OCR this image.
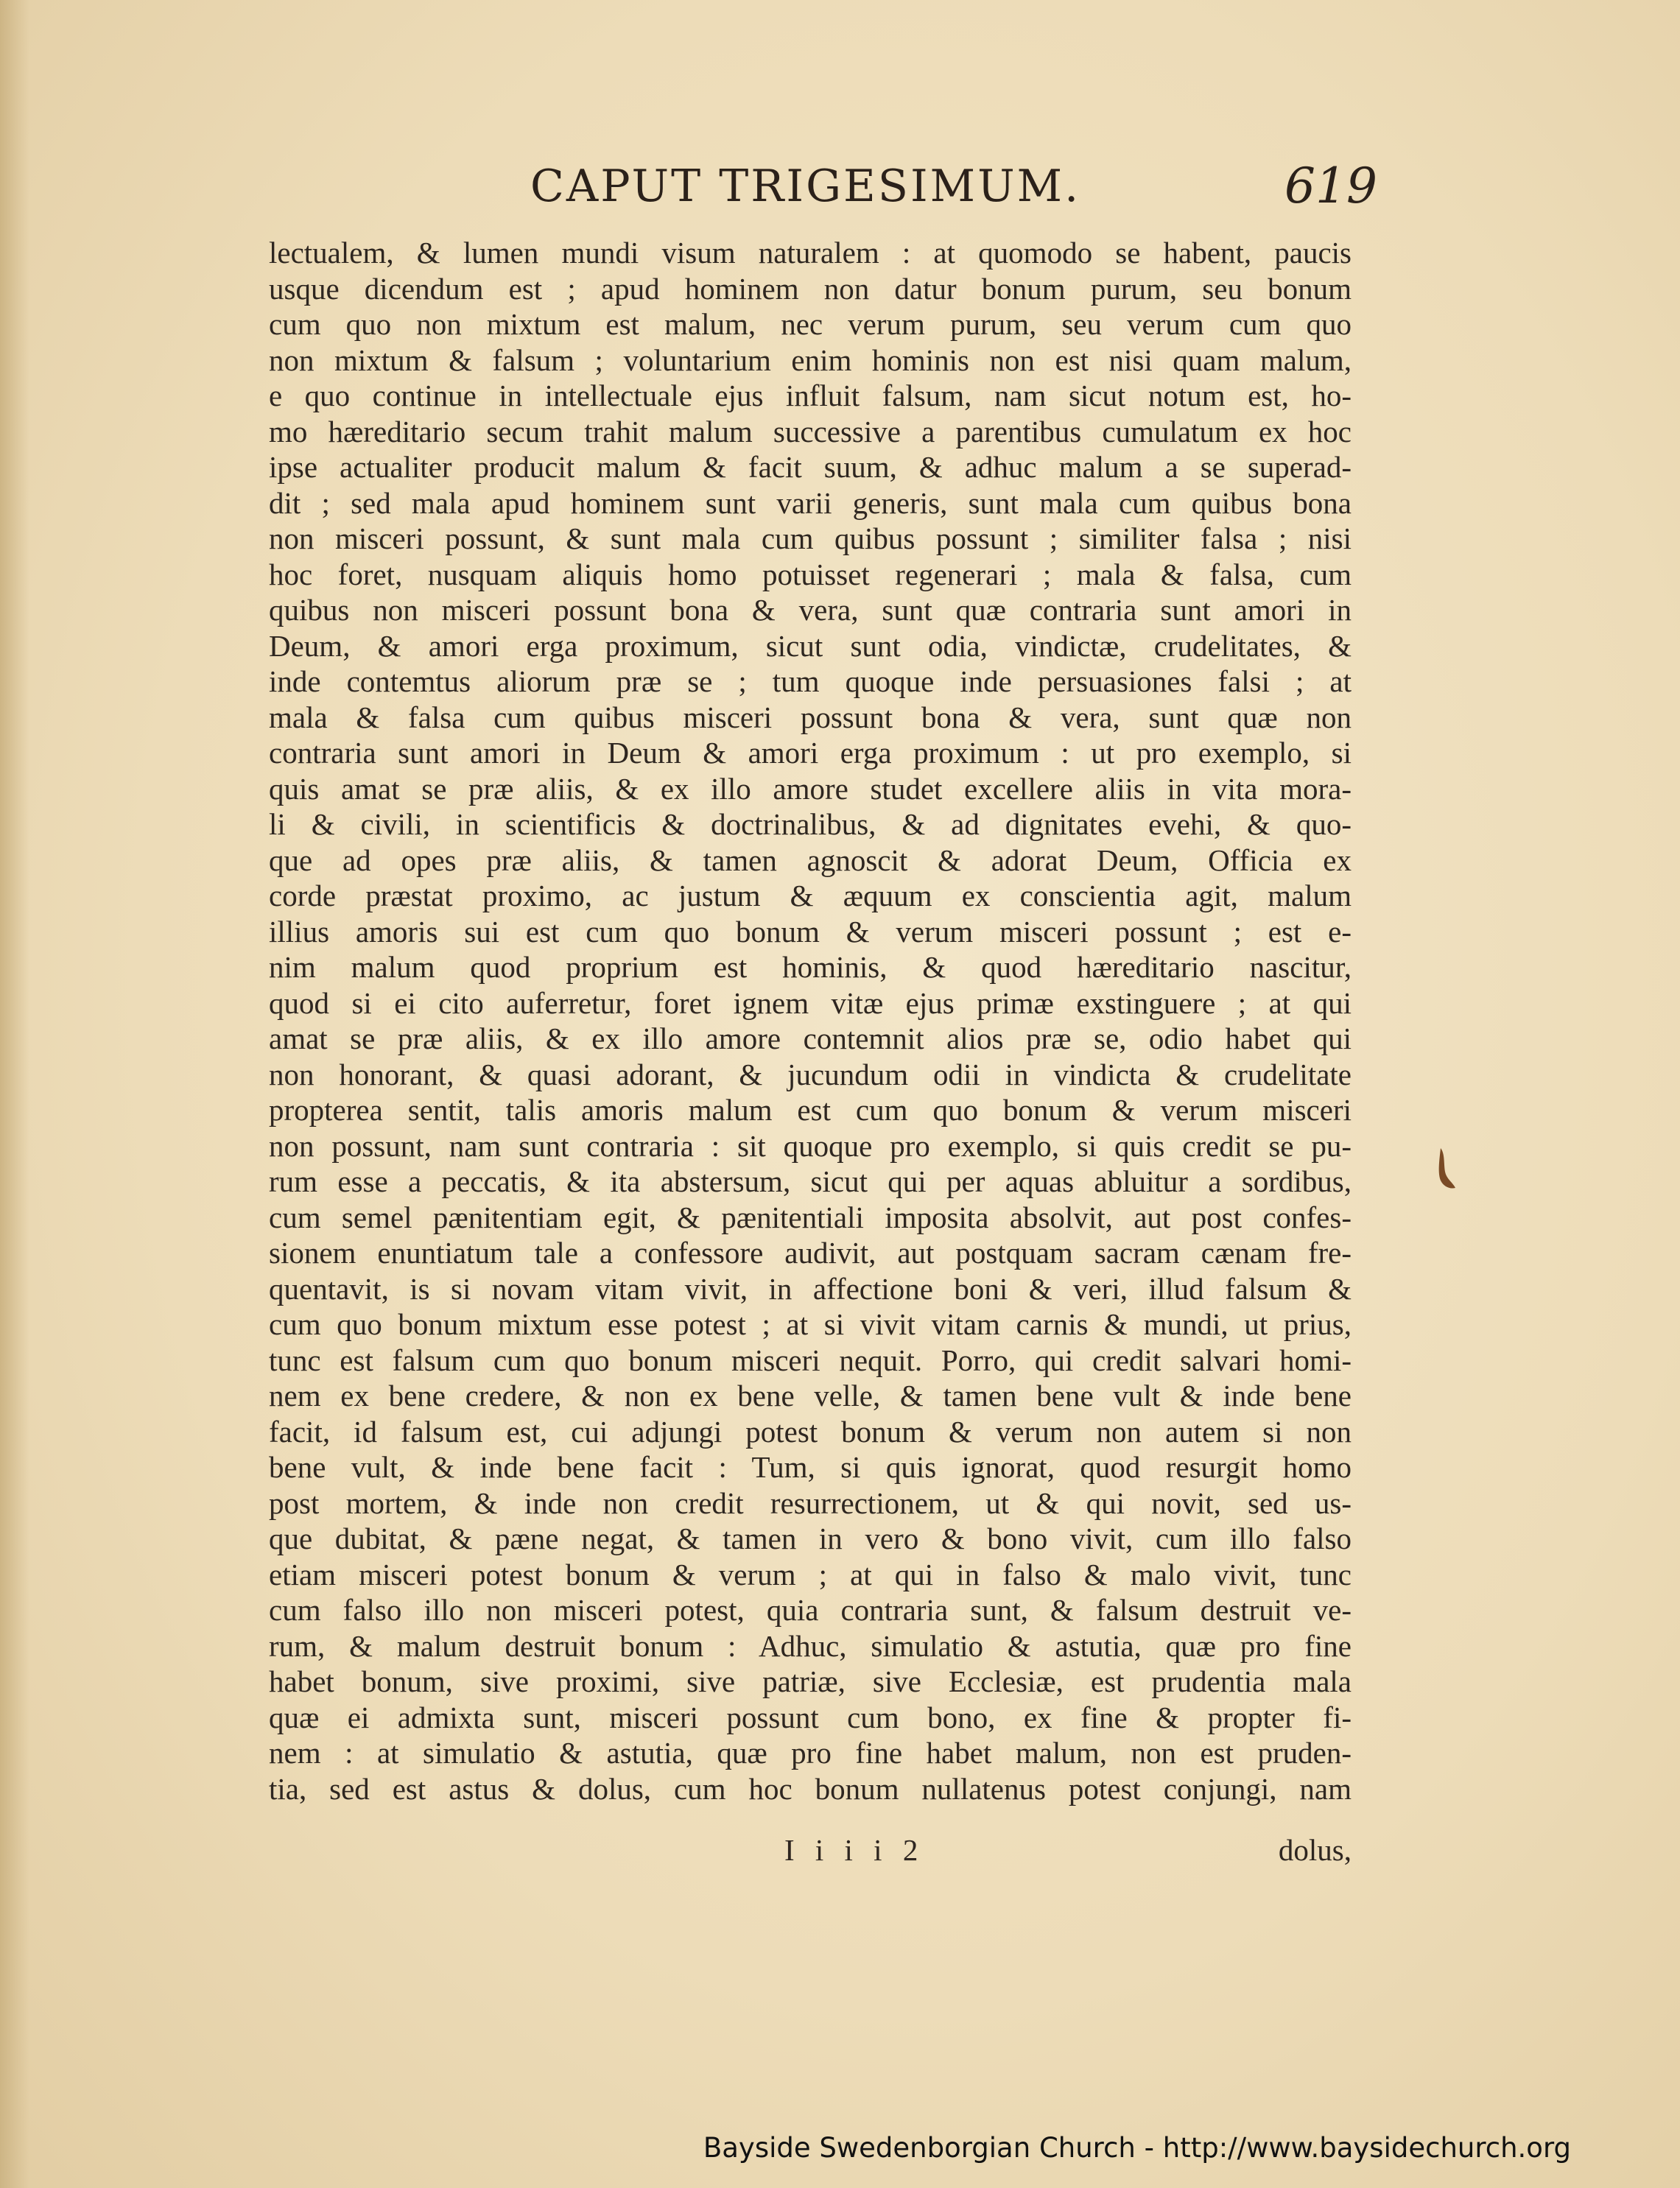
CAPUT TRIGESIMUM.	619
lectualem, & lumen mundi visum naturalem : at quomodo se habent, paucis
usque dicendum est ; apud hominem non datur bonum purum, seu bonum
cum quo non mixtum est malum, nec verum purum, seu verum cum quo
non mixtum & falsum ; voluntarium enim hominis non est nisi quam malum,
e quo continue in intellectuale ejus influit falsum, nam sicut notum est, ho-
mo hæreditario secum trahit malum successive a parentibus cumulatum ex hoc
ipse actualiter producit malum & facit suum, & adhuc malum a se superad-
dit ; sed mala apud hominem sunt varii generis, sunt mala cum quibus bona
non misceri possunt, & sunt mala cum quibus possunt ; similiter falsa ; nisi
hoc foret, nusquam aliquis homo potuisset regenerari ; mala & falsa, cum
quibus non misceri possunt bona & vera, sunt quæ contraria sunt amori in
Deum, & amori erga proximum, sicut sunt odia, vindictæ, crudelitates, &
inde contemtus aliorum præ se ; tum quoque inde persuasiones falsi ; at
mala & falsa cum quibus misceri possunt bona & vera, sunt quæ non
contraria sunt amori in Deum & amori erga proximum : ut pro exemplo, si
quis amat se præ aliis, & ex illo amore studet excellere aliis in vita mora-
li & civili, in scientificis & doctrinalibus, & ad dignitates evehi, & quo-
que ad opes præ aliis, & tamen agnoscit & adorat Deum, Officia ex
corde præstat proximo, ac justum & æquum ex conscientia agit, malum
illius amoris sui est cum quo bonum & verum misceri possunt ; est e-
nim malum quod proprium est hominis, & quod hæreditario nascitur,
quod si ei cito auferretur, foret ignem vitæ ejus primæ exstinguere ; at qui
amat se præ aliis, & ex illo amore contemnit alios præ se, odio habet qui
non honorant, & quasi adorant, & jucundum odii in vindicta & crudelitate
propterea sentit, talis amoris malum est cum quo bonum & verum misceri
non possunt, nam sunt contraria : sit quoque pro exemplo, si quis credit se pu-
rum esse a peccatis, & ita abstersum, sicut qui per aquas abluitur a sordibus,
cum semel pænitentiam egit, & pænitentiali imposita absolvit, aut post confes-
sionem enuntiatum tale a confessore audivit, aut postquam sacram cænam fre-
quentavit, is si novam vitam vivit, in affectione boni & veri, illud falsum &
cum quo bonum mixtum esse potest ; at si vivit vitam carnis & mundi, ut prius,
tunc est falsum cum quo bonum misceri nequit. Porro, qui credit salvari homi-
nem ex bene credere, & non ex bene velle, & tamen bene vult & inde bene
facit, id falsum est, cui adjungi potest bonum & verum non autem si non
bene vult, & inde bene facit : Tum, si quis ignorat, quod resurgit homo
post mortem, & inde non credit resurrectionem, ut & qui novit, sed us-
que dubitat, & pæne negat, & tamen in vero & bono vivit, cum illo falso
etiam misceri potest bonum & verum ; at qui in falso & malo vivit, tunc
cum falso illo non misceri potest, quia contraria sunt, & falsum destruit ve-
rum, & malum destruit bonum : Adhuc, simulatio & astutia, quæ pro fine
habet bonum, sive proximi, sive patriæ, sive Ecclesiæ, est prudentia mala
quæ ei admixta sunt, misceri possunt cum bono, ex fine & propter fi-
nem : at simulatio & astutia, quæ pro fine habet malum, non est pruden-
tia, sed est astus & dolus, cum hoc bonum nullatenus potest conjungi, nam
I i i i 2	dolus,
Bayside Swedenborgian Church - http://www.baysidechurch.org
